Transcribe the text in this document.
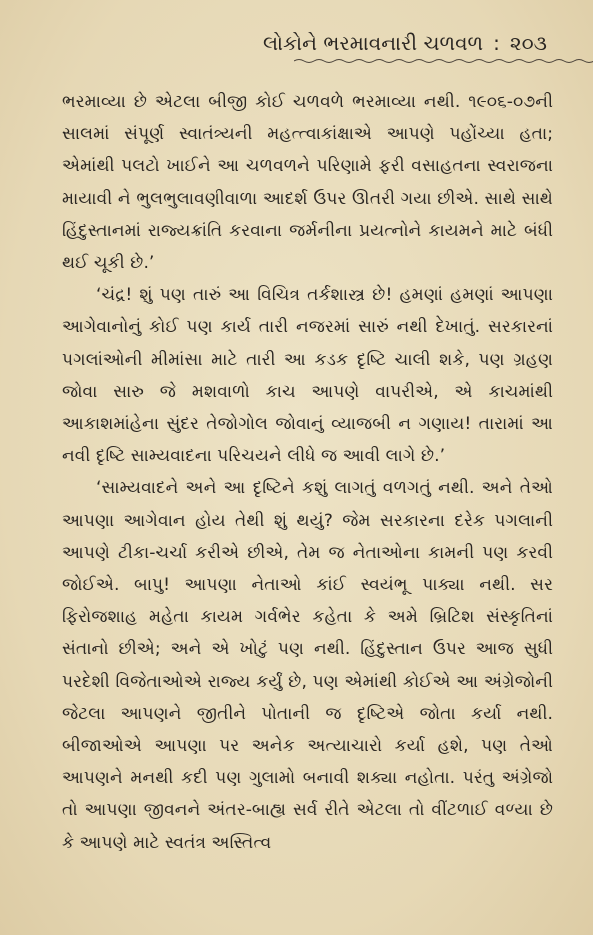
લોકોને ભરમાવનારી ચળવળ : ૨૦૩

ભરમાવ્યા છે એટલા બીજી કોઈ ચળવળે ભરમાવ્યા નથી. ૧૯૦૬-૦૭ની સાલમાં સંપૂર્ણ સ્વાતંત્ર્યની મહત્ત્વાકાંક્ષાએ આપણે પહોંચ્યા હતા; એમાંથી પલટો ખાઈને આ ચળવળને પરિણામે ફરી વસાહતના સ્વરાજના માયાવી ને ભુલભુલાવણીવાળા આદર્શ ઉપર ઊતરી ગયા છીએ. સાથે સાથે હિંદુસ્તાનમાં રાજ્યક્રાંતિ કરવાના જર્મનીના પ્રયત્નોને કાયમને માટે બંધી થઈ ચૂકી છે.’

‘ચંદ્ર! શું પણ તારું આ વિચિત્ર તર્કશાસ્ત્ર છે! હમણાં હમણાં આપણા આગેવાનોનું કોઈ પણ કાર્ય તારી નજરમાં સારું નથી દેખાતું. સરકારનાં પગલાંઓની મીમાંસા માટે તારી આ કડક દૃષ્ટિ ચાલી શકે, પણ ગ્રહણ જોવા સારુ જે મશવાળો કાચ આપણે વાપરીએ, એ કાચમાંથી આકાશમાંહેના સુંદર તેજોગોલ જોવાનું વ્યાજબી ન ગણાય! તારામાં આ નવી દૃષ્ટિ સામ્યવાદના પરિચયને લીધે જ આવી લાગે છે.’

‘સામ્યવાદને અને આ દૃષ્ટિને કશું લાગતું વળગતું નથી. અને તેઓ આપણા આગેવાન હોય તેથી શું થયું? જેમ સરકારના દરેક પગલાની આપણે ટીકા-ચર્ચા કરીએ છીએ, તેમ જ નેતાઓના કામની પણ કરવી જોઈએ. બાપુ! આપણા નેતાઓ કાંઈ સ્વયંભૂ પાક્યા નથી. સર ફિરોજશાહ મહેતા કાયમ ગર્વભેર કહેતા કે અમે બ્રિટિશ સંસ્કૃતિનાં સંતાનો છીએ; અને એ ખોટું પણ નથી. હિંદુસ્તાન ઉપર આજ સુધી પરદેશી વિજેતાઓએ રાજ્ય કર્યું છે, પણ એમાંથી કોઈએ આ અંગ્રેજોની જેટલા આપણને જીતીને પોતાની જ દૃષ્ટિએ જોતા કર્યા નથી. બીજાઓએ આપણા પર અનેક અત્યાચારો કર્યા હશે, પણ તેઓ આપણને મનથી કદી પણ ગુલામો બનાવી શક્યા નહોતા. પરંતુ અંગ્રેજો તો આપણા જીવનને અંતર-બાહ્ય સર્વ રીતે એટલા તો વીંટળાઈ વળ્યા છે કે આપણે માટે સ્વતંત્ર અસ્તિત્વ
